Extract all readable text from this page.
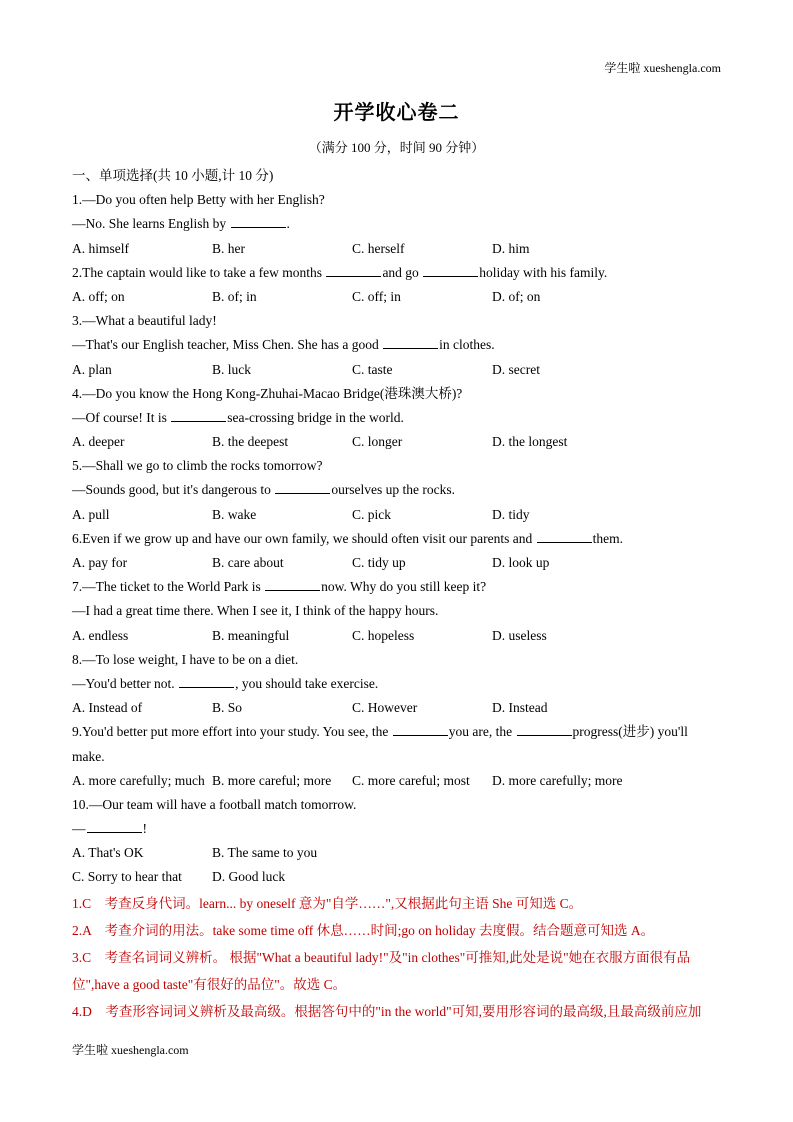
学生啦 xueshengla.com
开学收心卷二
（满分 100 分，时间 90 分钟）
一、单项选择(共 10 小题,计 10 分)
1.—Do you often help Betty with her English?
—No. She learns English by	.
A. himself	B. her	C. herself	D. him
2.The captain would like to take a few months	and go	holiday with his family.
A. off; on	B. of; in	C. off; in	D. of; on
3.—What a beautiful lady!
—That's our English teacher, Miss Chen. She has a good	in clothes.
A. plan	B. luck	C. taste	D. secret
4.—Do you know the Hong Kong-Zhuhai-Macao Bridge(港珠澳大桥)?
—Of course! It is	sea-crossing bridge in the world.
A. deeper	B. the deepest	C. longer	D. the longest
5.—Shall we go to climb the rocks tomorrow?
—Sounds good, but it's dangerous to	ourselves up the rocks.
A. pull	B. wake	C. pick	D. tidy
6.Even if we grow up and have our own family, we should often visit our parents and	them.
A. pay for	B. care about	C. tidy up	D. look up
7.—The ticket to the World Park is	now. Why do you still keep it?
—I had a great time there. When I see it, I think of the happy hours.
A. endless	B. meaningful	C. hopeless	D. useless
8.—To lose weight, I have to be on a diet.
—You'd better not.	, you should take exercise.
A. Instead of	B. So	C. However	D. Instead
9.You'd better put more effort into your study. You see, the	you are, the	progress(进步) you'll
make.
A. more carefully; much B. more careful; more	C. more careful; most	D. more carefully; more
10.—Our team will have a football match tomorrow.
—	!
A. That's OK	B. The same to you
C. Sorry to hear that	D. Good luck
1.C　考查反身代词。learn... by oneself 意为"自学……",又根据此句主语 She 可知选 C。
2.A　考查介词的用法。take some time off 休息……时间;go on holiday 去度假。结合题意可知选 A。
3.C　考查名词词义辨析。 根据"What a beautiful lady!"及"in clothes"可推知,此处是说"她在衣服方面很有品位",have a good taste"有很好的品位"。故选 C。
4.D　考查形容词词义辨析及最高级。根据答句中的"in the world"可知,要用形容词的最高级,且最高级前应加
学生啦 xueshengla.com
